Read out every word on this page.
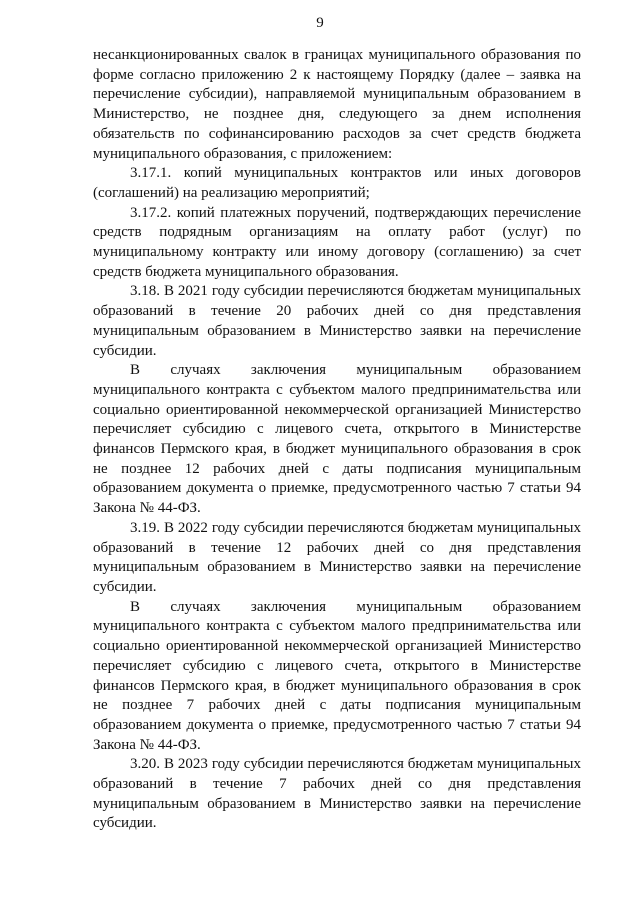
9

несанкционированных свалок в границах муниципального образования по форме согласно приложению 2 к настоящему Порядку (далее – заявка на перечисление субсидии), направляемой муниципальным образованием в Министерство, не позднее дня, следующего за днем исполнения обязательств по софинансированию расходов за счет средств бюджета муниципального образования, с приложением:

3.17.1. копий муниципальных контрактов или иных договоров (соглашений) на реализацию мероприятий;

3.17.2. копий платежных поручений, подтверждающих перечисление средств подрядным организациям на оплату работ (услуг) по муниципальному контракту или иному договору (соглашению) за счет средств бюджета муниципального образования.

3.18. В 2021 году субсидии перечисляются бюджетам муниципальных образований в течение 20 рабочих дней со дня представления муниципальным образованием в Министерство заявки на перечисление субсидии.

В случаях заключения муниципальным образованием муниципального контракта с субъектом малого предпринимательства или социально ориентированной некоммерческой организацией Министерство перечисляет субсидию с лицевого счета, открытого в Министерстве финансов Пермского края, в бюджет муниципального образования в срок не позднее 12 рабочих дней с даты подписания муниципальным образованием документа о приемке, предусмотренного частью 7 статьи 94 Закона № 44-ФЗ.

3.19. В 2022 году субсидии перечисляются бюджетам муниципальных образований в течение 12 рабочих дней со дня представления муниципальным образованием в Министерство заявки на перечисление субсидии.

В случаях заключения муниципальным образованием муниципального контракта с субъектом малого предпринимательства или социально ориентированной некоммерческой организацией Министерство перечисляет субсидию с лицевого счета, открытого в Министерстве финансов Пермского края, в бюджет муниципального образования в срок не позднее 7 рабочих дней с даты подписания муниципальным образованием документа о приемке, предусмотренного частью 7 статьи 94 Закона № 44-ФЗ.

3.20. В 2023 году субсидии перечисляются бюджетам муниципальных образований в течение 7 рабочих дней со дня представления муниципальным образованием в Министерство заявки на перечисление субсидии.
